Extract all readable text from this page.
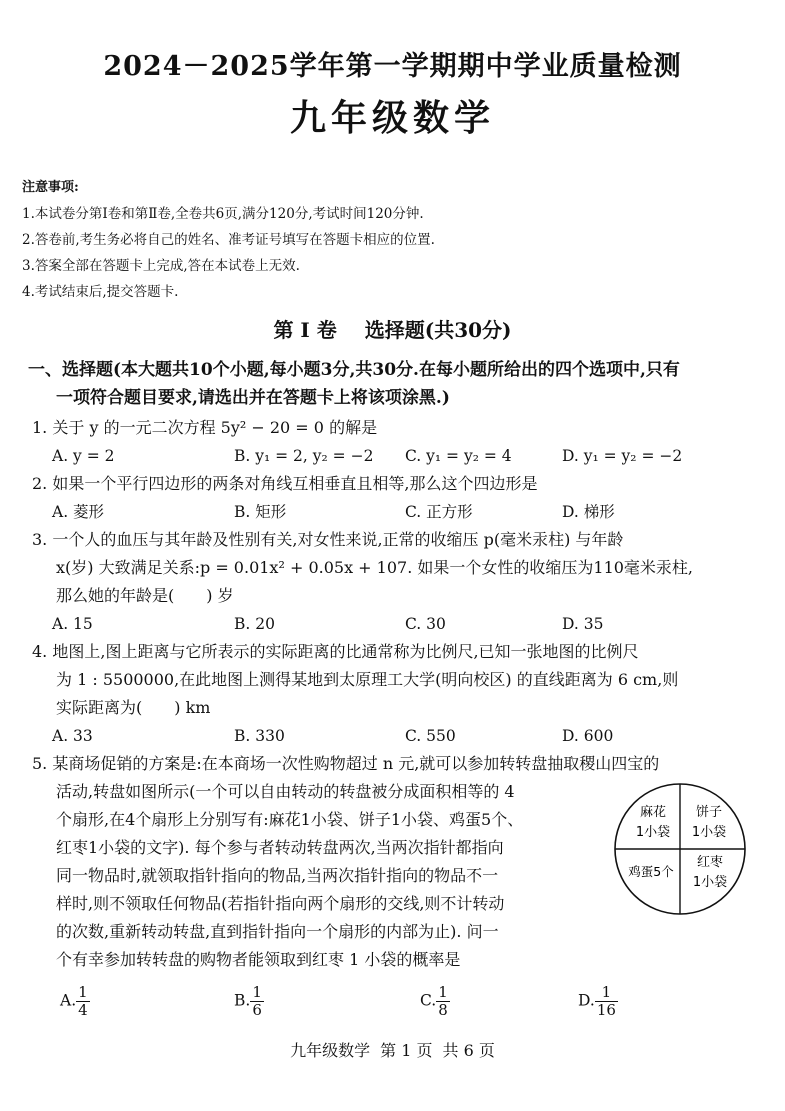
2024－2025学年第一学期期中学业质量检测
九年级数学
注意事项:
1.本试卷分第Ⅰ卷和第Ⅱ卷,全卷共6页,满分120分,考试时间120分钟.
2.答卷前,考生务必将自己的姓名、准考证号填写在答题卡相应的位置.
3.答案全部在答题卡上完成,答在本试卷上无效.
4.考试结束后,提交答题卡.
第 Ⅰ 卷 选择题(共30分)
一、选择题(本大题共10个小题,每小题3分,共30分.在每小题所给出的四个选项中,只有
一项符合题目要求,请选出并在答题卡上将该项涂黑.)
1. 关于 y 的一元二次方程 5y² − 20 = 0 的解是
A. y = 2	B. y₁ = 2, y₂ = −2 C. y₁ = y₂ = 4	D. y₁ = y₂ = −2
2. 如果一个平行四边形的两条对角线互相垂直且相等,那么这个四边形是
A. 菱形	B. 矩形	C. 正方形	D. 梯形
3. 一个人的血压与其年龄及性别有关,对女性来说,正常的收缩压 p(毫米汞柱) 与年龄
x(岁) 大致满足关系:p = 0.01x² + 0.05x + 107. 如果一个女性的收缩压为110毫米汞柱,
那么她的年龄是(　　) 岁
A. 15	B. 20	C. 30	D. 35
4. 地图上,图上距离与它所表示的实际距离的比通常称为比例尺,已知一张地图的比例尺
为 1 : 5500000,在此地图上测得某地到太原理工大学(明向校区) 的直线距离为 6 cm,则
实际距离为(　　) km
A. 33	B. 330	C. 550	D. 600
5. 某商场促销的方案是:在本商场一次性购物超过 n 元,就可以参加转转盘抽取稷山四宝的
活动,转盘如图所示(一个可以自由转动的转盘被分成面积相等的 4
个扇形,在4个扇形上分别写有:麻花1小袋、饼子1小袋、鸡蛋5个、
红枣1小袋的文字). 每个参与者转动转盘两次,当两次指针都指向
同一物品时,就领取指针指向的物品,当两次指针指向的物品不一
样时,则不领取任何物品(若指针指向两个扇形的交线,则不计转动
的次数,重新转动转盘,直到指针指向一个扇形的内部为止). 问一
个有幸参加转转盘的购物者能领取到红枣 1 小袋的概率是
A. $\frac{1}{4}$	B. $\frac{1}{6}$	C. $\frac{1}{8}$	D. $\frac{1}{16}$
麻花
1小袋
饼子
1小袋
鸡蛋5个
红枣
1小袋
九年级数学 第 1 页 共 6 页
